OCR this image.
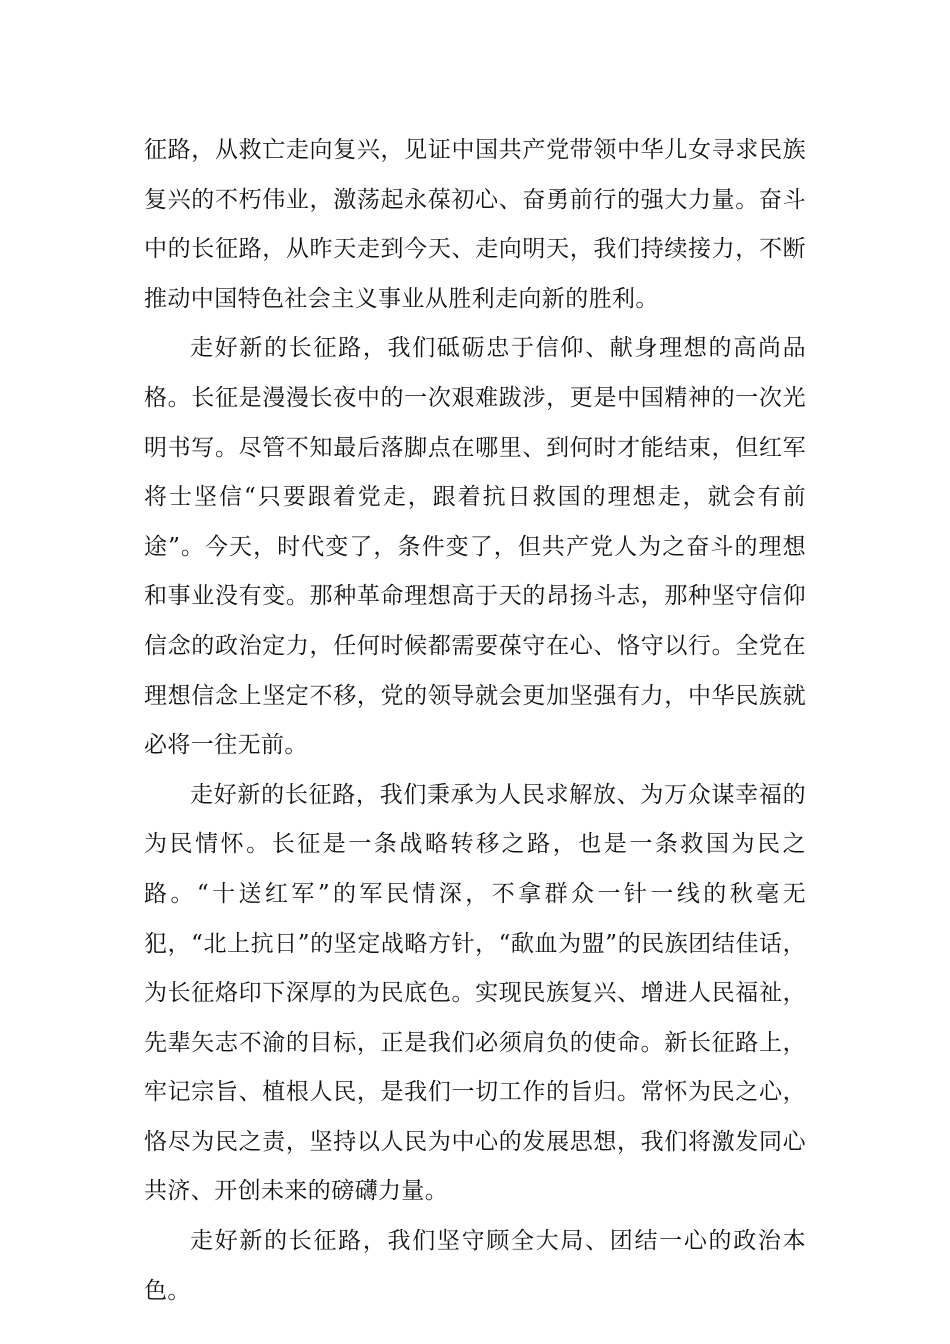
征路，从救亡走向复兴，见证中国共产党带领中华儿女寻求民族复兴的不朽伟业，激荡起永葆初心、奋勇前行的强大力量。奋斗中的长征路，从昨天走到今天、走向明天，我们持续接力，不断推动中国特色社会主义事业从胜利走向新的胜利。

走好新的长征路，我们砥砺忠于信仰、献身理想的高尚品格。长征是漫漫长夜中的一次艰难跋涉，更是中国精神的一次光明书写。尽管不知最后落脚点在哪里、到何时才能结束，但红军将士坚信“只要跟着党走，跟着抗日救国的理想走，就会有前途”。今天，时代变了，条件变了，但共产党人为之奋斗的理想和事业没有变。那种革命理想高于天的昂扬斗志，那种坚守信仰信念的政治定力，任何时候都需要葆守在心、恪守以行。全党在理想信念上坚定不移，党的领导就会更加坚强有力，中华民族就必将一往无前。

走好新的长征路，我们秉承为人民求解放、为万众谋幸福的为民情怀。长征是一条战略转移之路，也是一条救国为民之路。“十送红军”的军民情深，不拿群众一针一线的秋毫无犯，“北上抗日”的坚定战略方针，“歃血为盟”的民族团结佳话，为长征烙印下深厚的为民底色。实现民族复兴、增进人民福祉，先辈矢志不渝的目标，正是我们必须肩负的使命。新长征路上，牢记宗旨、植根人民，是我们一切工作的旨归。常怀为民之心，恪尽为民之责，坚持以人民为中心的发展思想，我们将激发同心共济、开创未来的磅礴力量。

走好新的长征路，我们坚守顾全大局、团结一心的政治本色。
